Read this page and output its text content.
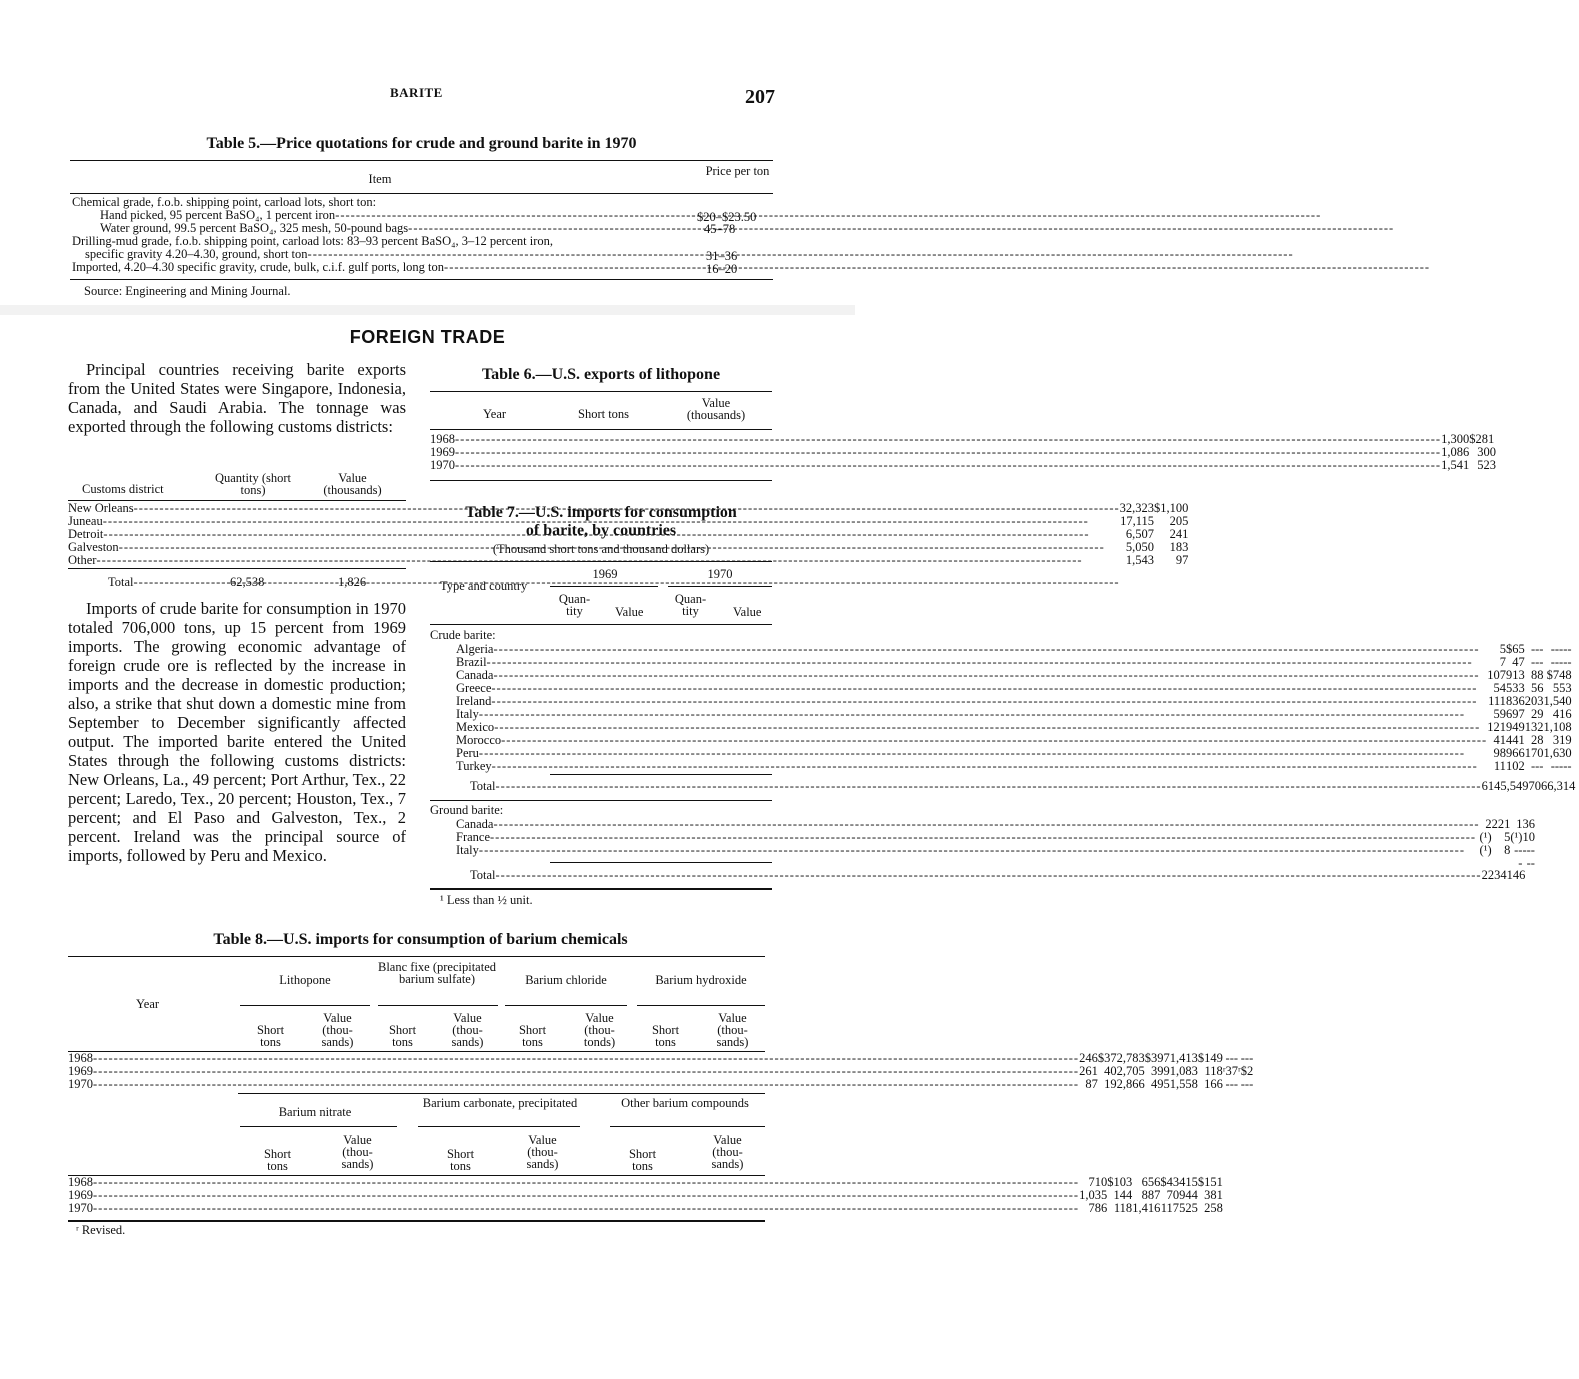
BARITE	207
Table 5.—Price quotations for crude and ground barite in 1970
Item
Price per ton
Chemical grade, f.o.b. shipping point, carload lots, short ton:
Hand picked, 95 percent BaSO₄, 1 percent iron -----	$20–$23.50
Water ground, 99.5 percent BaSO₄, 325 mesh, 50-pound bags -----	45–78
Drilling-mud grade, f.o.b. shipping point, carload lots: 83–93 percent BaSO₄, 3–12 percent iron,
specific gravity 4.20–4.30, ground, short ton -----	31–36
Imported, 4.20–4.30 specific gravity, crude, bulk, c.i.f. gulf ports, long ton -----	16–20
Source: Engineering and Mining Journal.
FOREIGN TRADE
Principal countries receiving barite exports from the United States were Singapore, Indonesia, Canada, and Saudi Arabia. The tonnage was exported through the following customs districts:
Customs district
Quantity (short tons)
Value (thousands)
New Orleans -----	32,323	$1,100	
Juneau -----	17,115	205	
Detroit -----	6,507	241	
Galveston -----	5,050	183	
Other -----	1,543	97	
Total -----	62,538	1,826
Imports of crude barite for consumption in 1970 totaled 706,000 tons, up 15 percent from 1969 imports. The growing economic advantage of foreign crude ore is reflected by the increase in imports and the decrease in domestic production; also, a strike that shut down a domestic mine from September to December significantly affected output. The imported barite entered the United States through the following customs districts: New Orleans, La., 49 percent; Port Arthur, Tex., 22 percent; Laredo, Tex., 20 percent; Houston, Tex., 7 percent; and El Paso and Galveston, Tex., 2 percent. Ireland was the principal source of imports, followed by Peru and Mexico.
Table 6.—U.S. exports of lithopone
Year	Short tons
Value (thousands)
1968 -----	1,300		$281
1969 -----	1,086		300
1970 -----	1,541		523
Table 7.—U.S. imports for consumption
of barite, by countries
(Thousand short tons and thousand dollars)
Type and country
1969	1970
Quan- tity	Value
Quan- tity	Value
Crude barite:
Algeria -----	5	$65	---	-----
Brazil -----	7	47	---	-----
Canada -----	107	913	88	$748
Greece -----	54	533	56	553
Ireland -----	111	836	203	1,540
Italy -----	59	697	29	416
Mexico -----	121	949	132	1,108
Morocco -----	41	441	28	319
Peru -----	98	966	170	1,630
Turkey -----	11	102	---	-----
Total -----	614	5,549	706	6,314
Ground barite:
Canada -----	2	221	1	36
France -----	(¹)	5	(¹)	10
Italy -----	(¹)	8	---	-----
Total -----	2	234	1	46
¹ Less than ½ unit.
Table 8.—U.S. imports for consumption of barium chemicals
Year
Lithopone
Blanc fixe (precipitated barium sulfate)	Barium chloride	Barium hydroxide
Short tons
Value (thou- sands)
Short tons
Value (thou- sands)
Short tons
Value (thou- tonds)
Short tons
Value (thou- sands)
1968 -----	246	$37	2,783	$397	1,413	$149	---	---	
1969 -----	261	40	2,705	399	1,083	118	ʳ37	ʳ$2	
1970 -----	87	19	2,866	495	1,558	166	---	---	
Barium nitrate
Barium carbonate, precipitated	Other barium compounds
Short tons
Value (thou- sands)
Short tons
Value (thou- sands)
Short tons
Value (thou- sands)
1968 -----	710	$103	656	$43	415	$151	
1969 -----	1,035	144	887	70	944	381	
1970 -----	786	118	1,416	117	525	258	
ʳ Revised.
